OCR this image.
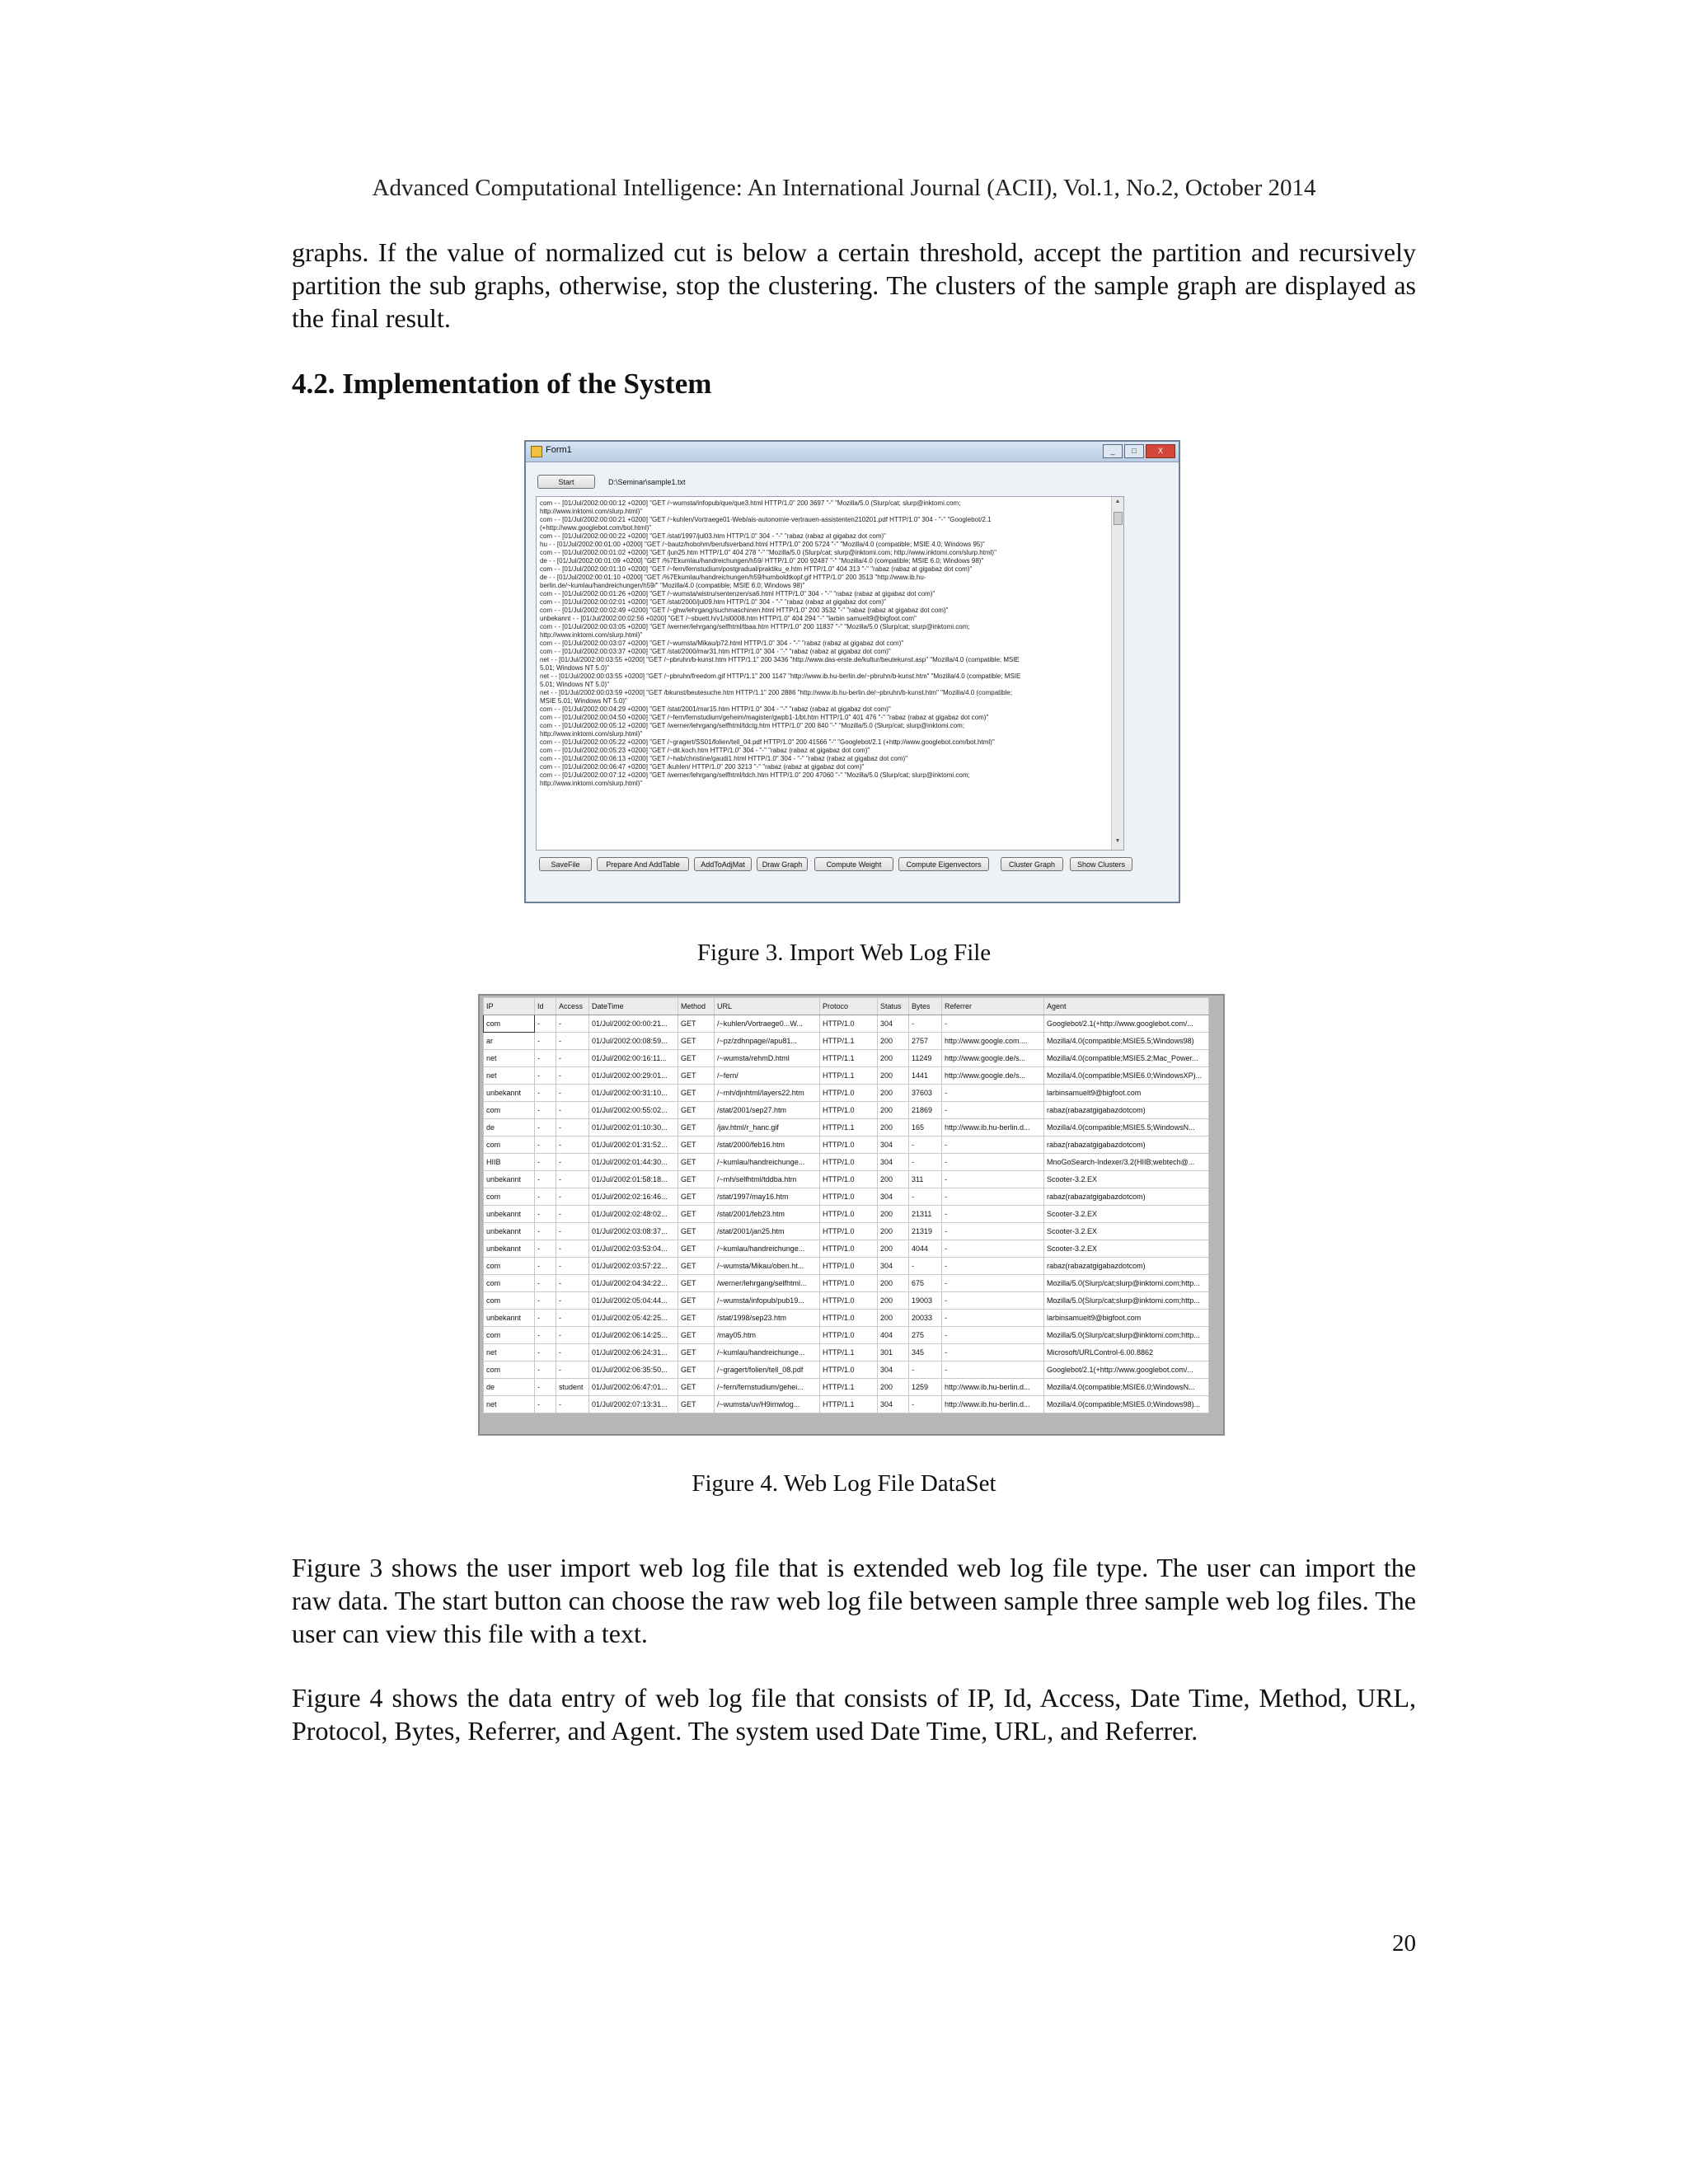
Advanced Computational Intelligence: An International Journal (ACII), Vol.1, No.2, October 2014

graphs. If the value of normalized cut is below a certain threshold, accept the partition and recursively partition the sub graphs, otherwise, stop the clustering. The clusters of the sample graph are displayed as the final result.

4.2. Implementation of the System
Form1	_	□	X
Start	D:\Seminar\sample1.txt
com - - [01/Jul/2002:00:00:12 +0200] "GET /~wumsta/infopub/que/que3.html HTTP/1.0" 200 3697 "-" "Mozilla/5.0 (Slurp/cat; slurp@inktomi.com;
http://www.inktomi.com/slurp.html)"
com - - [01/Jul/2002:00:00:21 +0200] "GET /~kuhlen/Vortraege01-Web/ais-autonomie-vertrauen-assistenten210201.pdf HTTP/1.0" 304 - "-" "Googlebot/2.1
(+http://www.googlebot.com/bot.html)"
com - - [01/Jul/2002:00:00:22 +0200] "GET /stat/1997/jul03.htm HTTP/1.0" 304 - "-" "rabaz (rabaz at gigabaz dot com)"
hu - - [01/Jul/2002:00:01:00 +0200] "GET /~bautz/hobohm/berufsverband.html HTTP/1.0" 200 5724 "-" "Mozilla/4.0 (compatible; MSIE 4.0; Windows 95)"
com - - [01/Jul/2002:00:01:02 +0200] "GET /jun25.htm HTTP/1.0" 404 278 "-" "Mozilla/5.0 (Slurp/cat; slurp@inktomi.com; http://www.inktomi.com/slurp.html)"
de - - [01/Jul/2002:00:01:09 +0200] "GET /%7Ekumlau/handreichungen/h59/ HTTP/1.0" 200 92487 "-" "Mozilla/4.0 (compatible; MSIE 6.0; Windows 98)"
com - - [01/Jul/2002:00:01:10 +0200] "GET /~fern/fernstudium/postgradual/praktiku_e.htm HTTP/1.0" 404 313 "-" "rabaz (rabaz at gigabaz dot com)"
de - - [01/Jul/2002:00:01:10 +0200] "GET /%7Ekumlau/handreichungen/h59/humboldtkopf.gif HTTP/1.0" 200 3513 "http://www.ib.hu-
berlin.de/~kumlau/handreichungen/h59/" "Mozilla/4.0 (compatible; MSIE 6.0; Windows 98)"
com - - [01/Jul/2002:00:01:26 +0200] "GET /~wumsta/wistru/sentenzen/sa6.html HTTP/1.0" 304 - "-" "rabaz (rabaz at gigabaz dot com)"
com - - [01/Jul/2002:00:02:01 +0200] "GET /stat/2000/jul09.htm HTTP/1.0" 304 - "-" "rabaz (rabaz at gigabaz dot com)"
com - - [01/Jul/2002:00:02:49 +0200] "GET /~ghw/lehrgang/suchmaschinen.html HTTP/1.0" 200 3532 "-" "rabaz (rabaz at gigabaz dot com)"
unbekannt - - [01/Jul/2002:00:02:56 +0200] "GET /~sbuett.h/v1/sl0008.htm HTTP/1.0" 404 294 "-" "larbin samuelt9@bigfoot.com"
com - - [01/Jul/2002:00:03:05 +0200] "GET /werner/lehrgang/selfhtml/tbaa.htm HTTP/1.0" 200 11837 "-" "Mozilla/5.0 (Slurp/cat; slurp@inktomi.com;
http://www.inktomi.com/slurp.html)"
com - - [01/Jul/2002:00:03:07 +0200] "GET /~wumsta/Mikau/p72.html HTTP/1.0" 304 - "-" "rabaz (rabaz at gigabaz dot com)"
com - - [01/Jul/2002:00:03:37 +0200] "GET /stat/2000/mar31.htm HTTP/1.0" 304 - "-" "rabaz (rabaz at gigabaz dot com)"
net - - [01/Jul/2002:00:03:55 +0200] "GET /~pbruhn/b-kunst.htm HTTP/1.1" 200 3436 "http://www.das-erste.de/kultur/beutekunst.asp" "Mozilla/4.0 (compatible; MSIE
5.01; Windows NT 5.0)"
net - - [01/Jul/2002:00:03:55 +0200] "GET /~pbruhn/freedom.gif HTTP/1.1" 200 1147 "http://www.ib.hu-berlin.de/~pbruhn/b-kunst.htm" "Mozilla/4.0 (compatible; MSIE
5.01; Windows NT 5.0)"
net - - [01/Jul/2002:00:03:59 +0200] "GET /bkunst/beutesuche.htm HTTP/1.1" 200 2886 "http://www.ib.hu-berlin.de/~pbruhn/b-kunst.htm" "Mozilla/4.0 (compatible;
MSIE 5.01; Windows NT 5.0)"
com - - [01/Jul/2002:00:04:29 +0200] "GET /stat/2001/mar15.htm HTTP/1.0" 304 - "-" "rabaz (rabaz at gigabaz dot com)"
com - - [01/Jul/2002:00:04:50 +0200] "GET /~fern/fernstudium/geheim/magister/gwpb1-1/bt.htm HTTP/1.0" 401 476 "-" "rabaz (rabaz at gigabaz dot com)"
com - - [01/Jul/2002:00:05:12 +0200] "GET /werner/lehrgang/selfhtml/tdctg.htm HTTP/1.0" 200 840 "-" "Mozilla/5.0 (Slurp/cat; slurp@inktomi.com;
http://www.inktomi.com/slurp.html)"
com - - [01/Jul/2002:00:05:22 +0200] "GET /~gragert/SS01/folien/tell_04.pdf HTTP/1.0" 200 41566 "-" "Googlebot/2.1 (+http://www.googlebot.com/bot.html)"
com - - [01/Jul/2002:00:05:23 +0200] "GET /~dit.koch.htm HTTP/1.0" 304 - "-" "rabaz (rabaz at gigabaz dot com)"
com - - [01/Jul/2002:00:06:13 +0200] "GET /~hab/christine/gaudi1.html HTTP/1.0" 304 - "-" "rabaz (rabaz at gigabaz dot com)"
com - - [01/Jul/2002:00:06:47 +0200] "GET /kuhlen/ HTTP/1.0" 200 3213 "-" "rabaz (rabaz at gigabaz dot com)"
com - - [01/Jul/2002:00:07:12 +0200] "GET /werner/lehrgang/selfhtml/tdch.htm HTTP/1.0" 200 47060 "-" "Mozilla/5.0 (Slurp/cat; slurp@inktomi.com;
http://www.inktomi.com/slurp.html)"
▲
▼
SaveFile	Prepare And AddTable	AddToAdjMat	Draw Graph	Compute Weight	Compute Eigenvectors	Cluster Graph	Show Clusters
Figure 3. Import Web Log File
IP	Id	Access	DateTime	Method	URL	Protoco	Status	Bytes	Referrer	Agent
com	-	-	01/Jul/2002:00:00:21...	GET	/~kuhlen/Vortraege0...W...	HTTP/1.0	304	-	-	Googlebot/2.1(+http://www.googlebot.com/...
ar	-	-	01/Jul/2002:00:08:59...	GET	/~pz/zdhnpage//apu81...	HTTP/1.1	200	2757	http://www.google.com....	Mozilla/4.0(compatible;MSIE5.5;Windows98)
net	-	-	01/Jul/2002:00:16:11...	GET	/~wumsta/rehmD.html	HTTP/1.1	200	11249	http://www.google.de/s...	Mozilla/4.0(compatible;MSIE5.2;Mac_Power...
net	-	-	01/Jul/2002:00:29:01...	GET	/~fern/	HTTP/1.1	200	1441	http://www.google.de/s...	Mozilla/4.0(compatible;MSIE6.0;WindowsXP)...
unbekannt	-	-	01/Jul/2002:00:31:10...	GET	/~mh/djnhtml/layers22.htm	HTTP/1.0	200	37603	-	larbinsamuelt9@bigfoot.com
com	-	-	01/Jul/2002:00:55:02...	GET	/stat/2001/sep27.htm	HTTP/1.0	200	21869	-	rabaz(rabazatgigabazdotcom)
de	-	-	01/Jul/2002:01:10:30...	GET	/jav.html/r_hanc.gif	HTTP/1.1	200	165	http://www.ib.hu-berlin.d...	Mozilla/4.0(compatible;MSIE5.5;WindowsN...
com	-	-	01/Jul/2002:01:31:52...	GET	/stat/2000/feb16.htm	HTTP/1.0	304	-	-	rabaz(rabazatgigabazdotcom)
HIIB	-	-	01/Jul/2002:01:44:30...	GET	/~kumlau/handreichunge...	HTTP/1.0	304	-	-	MnoGoSearch-Indexer/3.2(HIIB;webtech@...
unbekannt	-	-	01/Jul/2002:01:58:18...	GET	/~mh/selfhtml/tddba.htm	HTTP/1.0	200	311	-	Scooter-3.2.EX
com	-	-	01/Jul/2002:02:16:46...	GET	/stat/1997/may16.htm	HTTP/1.0	304	-	-	rabaz(rabazatgigabazdotcom)
unbekannt	-	-	01/Jul/2002:02:48:02...	GET	/stat/2001/feb23.htm	HTTP/1.0	200	21311	-	Scooter-3.2.EX
unbekannt	-	-	01/Jul/2002:03:08:37...	GET	/stat/2001/jan25.htm	HTTP/1.0	200	21319	-	Scooter-3.2.EX
unbekannt	-	-	01/Jul/2002:03:53:04...	GET	/~kumlau/handreichunge...	HTTP/1.0	200	4044	-	Scooter-3.2.EX
com	-	-	01/Jul/2002:03:57:22...	GET	/~wumsta/Mikau/oben.ht...	HTTP/1.0	304	-	-	rabaz(rabazatgigabazdotcom)
com	-	-	01/Jul/2002:04:34:22...	GET	/werner/lehrgang/selfhtml...	HTTP/1.0	200	675	-	Mozilla/5.0(Slurp/cat;slurp@inktomi.com;http...
com	-	-	01/Jul/2002:05:04:44...	GET	/~wumsta/infopub/pub19...	HTTP/1.0	200	19003	-	Mozilla/5.0(Slurp/cat;slurp@inktomi.com;http...
unbekannt	-	-	01/Jul/2002:05:42:25...	GET	/stat/1998/sep23.htm	HTTP/1.0	200	20033	-	larbinsamuelt9@bigfoot.com
com	-	-	01/Jul/2002:06:14:25...	GET	/may05.htm	HTTP/1.0	404	275	-	Mozilla/5.0(Slurp/cat;slurp@inktomi.com;http...
net	-	-	01/Jul/2002:06:24:31...	GET	/~kumlau/handreichunge...	HTTP/1.1	301	345	-	Microsoft/URLControl-6.00.8862
com	-	-	01/Jul/2002:06:35:50...	GET	/~gragert/folien/tell_08.pdf	HTTP/1.0	304	-	-	Googlebot/2.1(+http://www.googlebot.com/...
de	-	student	01/Jul/2002:06:47:01...	GET	/~fern/fernstudium/gehei...	HTTP/1.1	200	1259	http://www.ib.hu-berlin.d...	Mozilla/4.0(compatible;MSIE6.0;WindowsN...
net	-	-	01/Jul/2002:07:13:31...	GET	/~wumsta/uv/H9imwlog...	HTTP/1.1	304	-	http://www.ib.hu-berlin.d...	Mozilla/4.0(compatible;MSIE5.0;Windows98)...
Figure 4. Web Log File DataSet

Figure 3 shows the user import web log file that is extended web log file type. The user can import the raw data. The start button can choose the raw web log file between sample three sample web log files. The user can view this file with a text.

Figure 4 shows the data entry of web log file that consists of IP, Id, Access, Date Time, Method, URL, Protocol, Bytes, Referrer, and Agent. The system used Date Time, URL, and Referrer.

20
